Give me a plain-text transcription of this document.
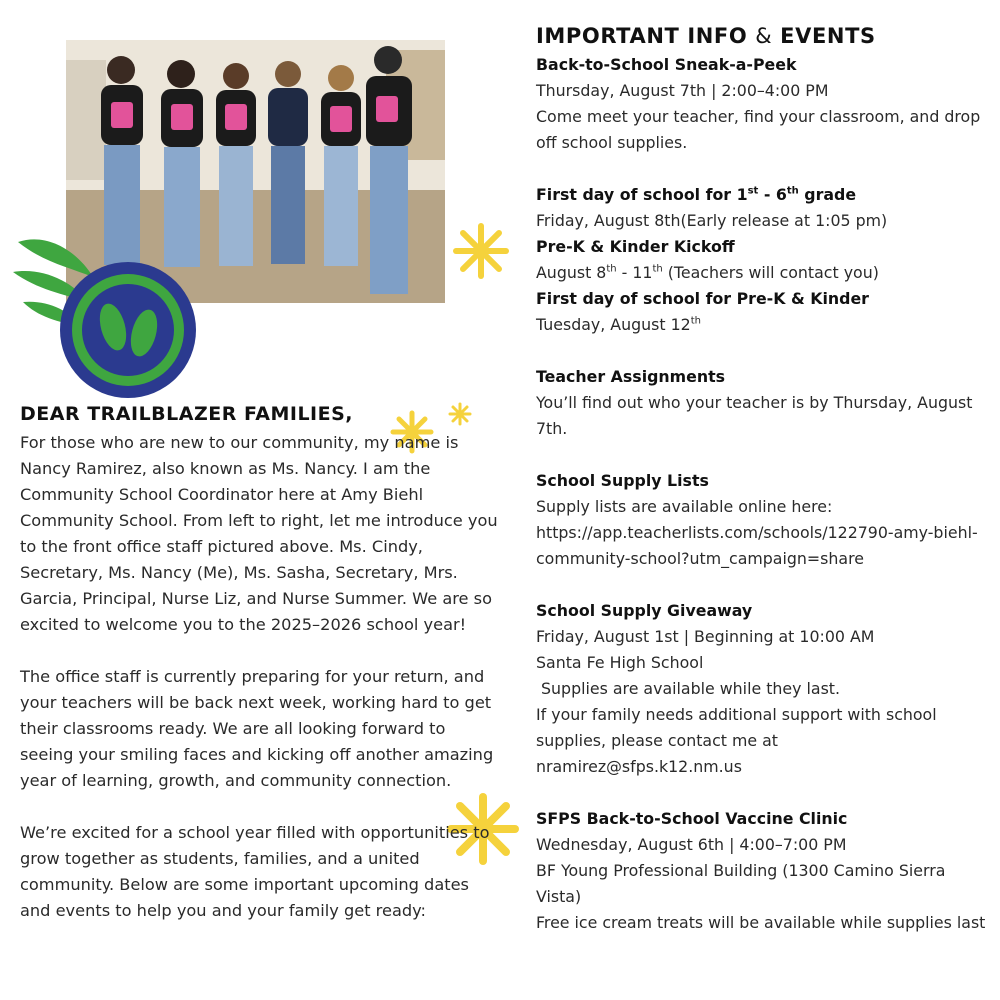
DEAR TRAILBLAZER FAMILIES,

For those who are new to our community, my name is Nancy Ramirez, also known as Ms. Nancy. I am the Community School Coordinator here at Amy Biehl Community School. From left to right, let me introduce you to the front office staff pictured above. Ms. Cindy, Secretary, Ms. Nancy (Me), Ms. Sasha, Secretary, Mrs. Garcia, Principal, Nurse Liz, and Nurse Summer. We are so excited to welcome you to the 2025–2026 school year!

The office staff is currently preparing for your return, and your teachers will be back next week, working hard to get their classrooms ready. We are all looking forward to seeing your smiling faces and kicking off another amazing year of learning, growth, and community connection.

We’re excited for a school year filled with opportunities to grow together as students, families, and a united community. Below are some important upcoming dates and events to help you and your family get ready:

IMPORTANT INFO & EVENTS
Back-to-School Sneak-a-Peek
Thursday, August 7th | 2:00–4:00 PM
Come meet your teacher, find your classroom, and drop off school supplies.
First day of school for 1st - 6th grade
Friday, August 8th(Early release at 1:05 pm)
Pre-K & Kinder Kickoff
August 8th - 11th (Teachers will contact you)
First day of school for Pre-K & Kinder
Tuesday, August 12th
Teacher Assignments
You’ll find out who your teacher is by Thursday, August 7th.
School Supply Lists
Supply lists are available online here:
https://app.teacherlists.com/schools/122790-amy-biehl-community-school?utm_campaign=share
School Supply Giveaway
Friday, August 1st | Beginning at 10:00 AM
Santa Fe High School
Supplies are available while they last.
If your family needs additional support with school supplies, please contact me at
nramirez@sfps.k12.nm.us
SFPS Back-to-School Vaccine Clinic
Wednesday, August 6th | 4:00–7:00 PM
BF Young Professional Building (1300 Camino Sierra Vista)
Free ice cream treats will be available while supplies last
